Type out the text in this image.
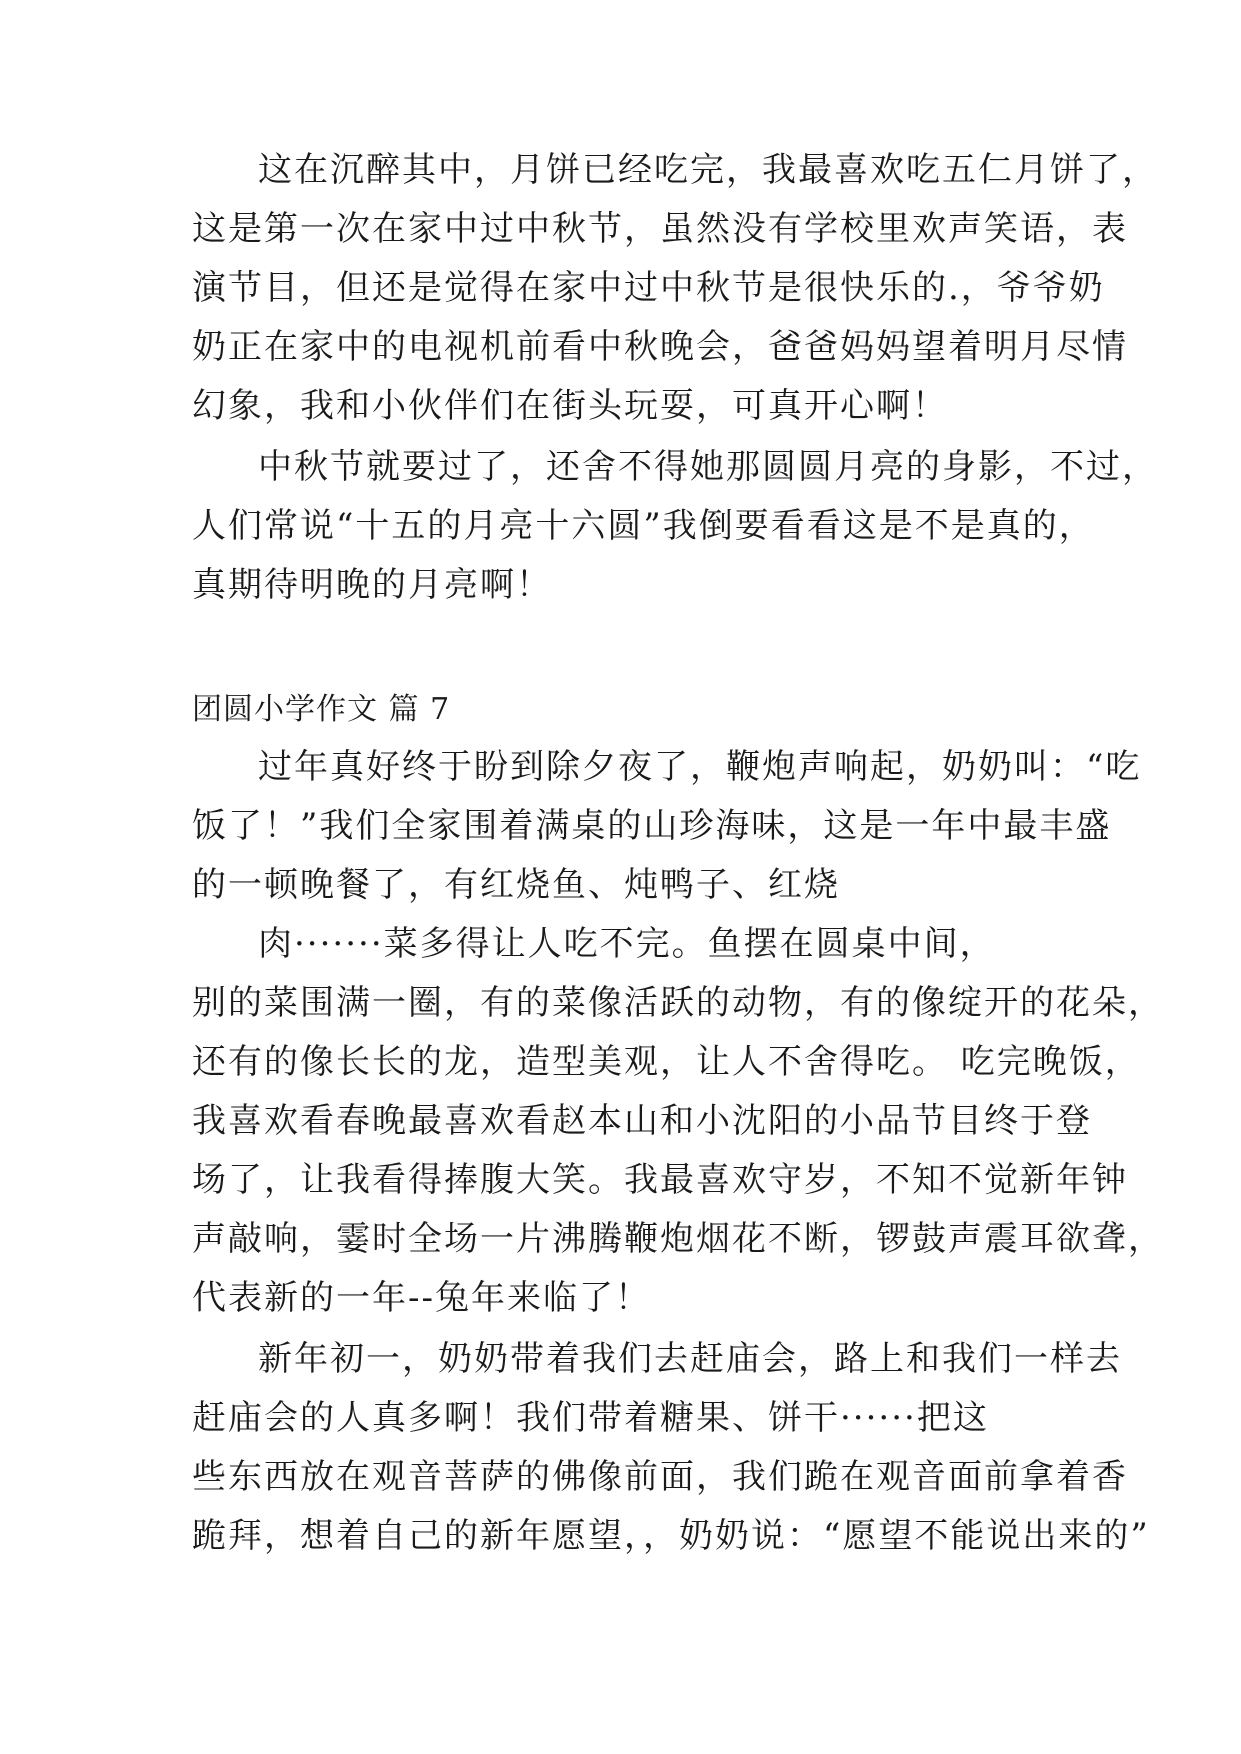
这在沉醉其中，月饼已经吃完，我最喜欢吃五仁月饼了，
这是第一次在家中过中秋节，虽然没有学校里欢声笑语，表
演节目，但还是觉得在家中过中秋节是很快乐的.，爷爷奶
奶正在家中的电视机前看中秋晚会，爸爸妈妈望着明月尽情
幻象，我和小伙伴们在街头玩耍，可真开心啊！
中秋节就要过了，还舍不得她那圆圆月亮的身影，不过，
人们常说“十五的月亮十六圆”我倒要看看这是不是真的，
真期待明晚的月亮啊！
团圆小学作文 篇 7
过年真好终于盼到除夕夜了，鞭炮声响起，奶奶叫：“吃
饭了！”我们全家围着满桌的山珍海味，这是一年中最丰盛
的一顿晚餐了，有红烧鱼、炖鸭子、红烧
肉·······菜多得让人吃不完。鱼摆在圆桌中间，
别的菜围满一圈，有的菜像活跃的动物，有的像绽开的花朵，
还有的像长长的龙，造型美观，让人不舍得吃。 吃完晚饭，
我喜欢看春晚最喜欢看赵本山和小沈阳的小品节目终于登
场了，让我看得捧腹大笑。我最喜欢守岁，不知不觉新年钟
声敲响，霎时全场一片沸腾鞭炮烟花不断，锣鼓声震耳欲聋，
代表新的一年--兔年来临了！
新年初一，奶奶带着我们去赶庙会，路上和我们一样去
赶庙会的人真多啊！我们带着糖果、饼干······把这
些东西放在观音菩萨的佛像前面，我们跪在观音面前拿着香
跪拜，想着自己的新年愿望，，奶奶说：“愿望不能说出来的”
